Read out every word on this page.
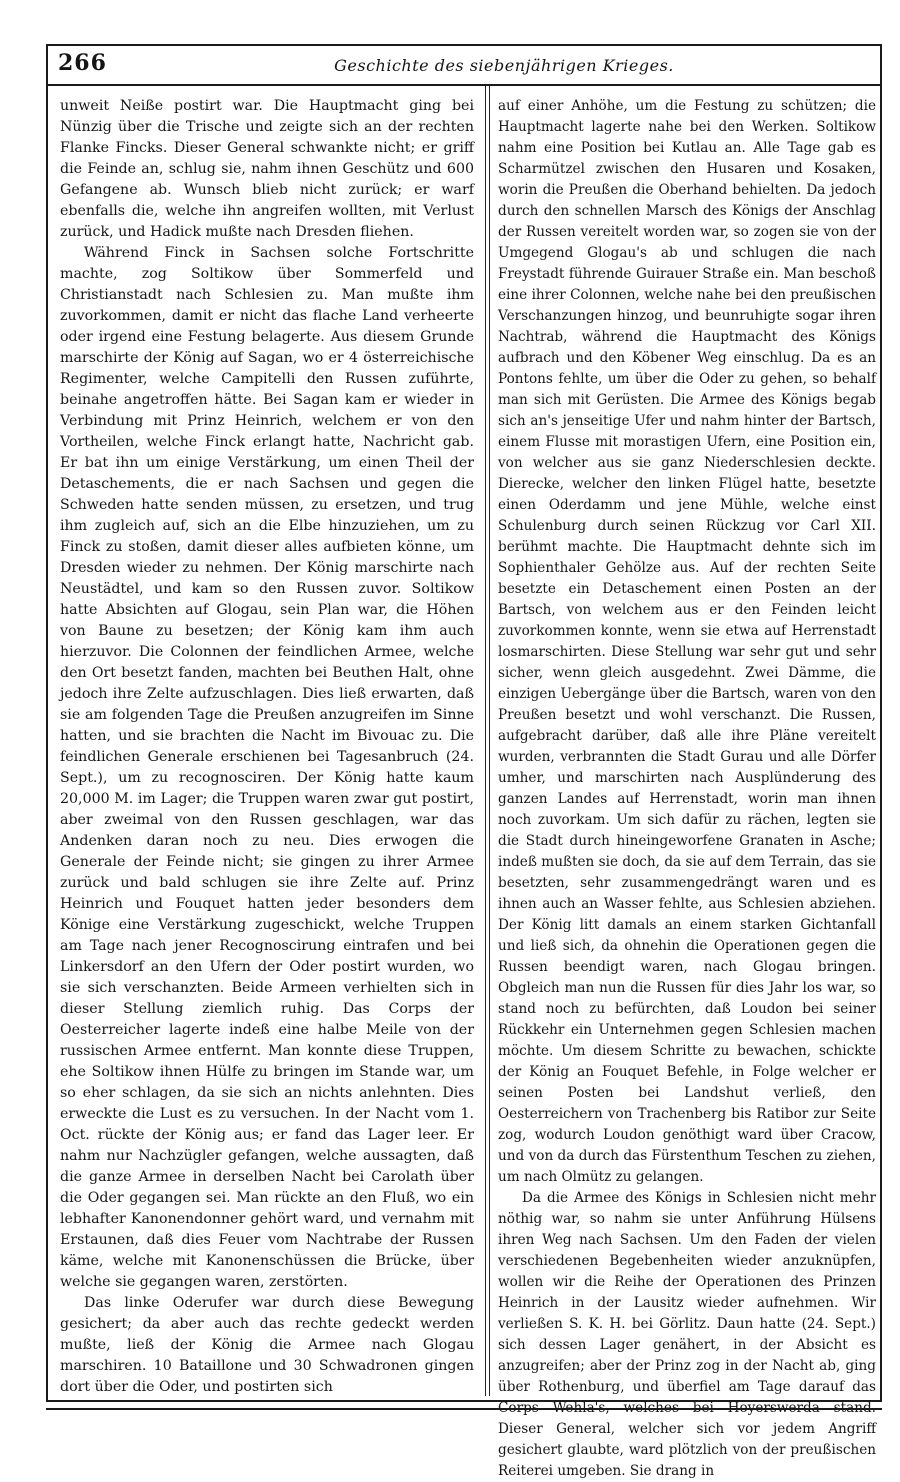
266	Geschichte des siebenjährigen Krieges.

unweit Neiße postirt war. Die Hauptmacht ging bei Nünzig über die Trische und zeigte sich an der rechten Flanke Fincks. Dieser General schwankte nicht; er griff die Feinde an, schlug sie, nahm ihnen Geschütz und 600 Gefangene ab. Wunsch blieb nicht zurück; er warf ebenfalls die, welche ihn angreifen wollten, mit Verlust zurück, und Hadick mußte nach Dresden fliehen.

Während Finck in Sachsen solche Fortschritte machte, zog Soltikow über Sommerfeld und Christianstadt nach Schlesien zu. Man mußte ihm zuvorkommen, damit er nicht das flache Land verheerte oder irgend eine Festung belagerte. Aus diesem Grunde marschirte der König auf Sagan, wo er 4 österreichische Regimenter, welche Campitelli den Russen zuführte, beinahe angetroffen hätte. Bei Sagan kam er wieder in Verbindung mit Prinz Heinrich, welchem er von den Vortheilen, welche Finck erlangt hatte, Nachricht gab. Er bat ihn um einige Verstärkung, um einen Theil der Detaschements, die er nach Sachsen und gegen die Schweden hatte senden müssen, zu ersetzen, und trug ihm zugleich auf, sich an die Elbe hinzuziehen, um zu Finck zu stoßen, damit dieser alles aufbieten könne, um Dresden wieder zu nehmen. Der König marschirte nach Neustädtel, und kam so den Russen zuvor. Soltikow hatte Absichten auf Glogau, sein Plan war, die Höhen von Baune zu besetzen; der König kam ihm auch hierzuvor. Die Colonnen der feindlichen Armee, welche den Ort besetzt fanden, machten bei Beuthen Halt, ohne jedoch ihre Zelte aufzuschlagen. Dies ließ erwarten, daß sie am folgenden Tage die Preußen anzugreifen im Sinne hatten, und sie brachten die Nacht im Bivouac zu. Die feindlichen Generale erschienen bei Tagesanbruch (24. Sept.), um zu recognosciren. Der König hatte kaum 20,000 M. im Lager; die Truppen waren zwar gut postirt, aber zweimal von den Russen geschlagen, war das Andenken daran noch zu neu. Dies erwogen die Generale der Feinde nicht; sie gingen zu ihrer Armee zurück und bald schlugen sie ihre Zelte auf. Prinz Heinrich und Fouquet hatten jeder besonders dem Könige eine Verstärkung zugeschickt, welche Truppen am Tage nach jener Recognoscirung eintrafen und bei Linkersdorf an den Ufern der Oder postirt wurden, wo sie sich verschanzten. Beide Armeen verhielten sich in dieser Stellung ziemlich ruhig. Das Corps der Oesterreicher lagerte indeß eine halbe Meile von der russischen Armee entfernt. Man konnte diese Truppen, ehe Soltikow ihnen Hülfe zu bringen im Stande war, um so eher schlagen, da sie sich an nichts anlehnten. Dies erweckte die Lust es zu versuchen. In der Nacht vom 1. Oct. rückte der König aus; er fand das Lager leer. Er nahm nur Nachzügler gefangen, welche aussagten, daß die ganze Armee in derselben Nacht bei Carolath über die Oder gegangen sei. Man rückte an den Fluß, wo ein lebhafter Kanonendonner gehört ward, und vernahm mit Erstaunen, daß dies Feuer vom Nachtrabe der Russen käme, welche mit Kanonenschüssen die Brücke, über welche sie gegangen waren, zerstörten.

Das linke Oderufer war durch diese Bewegung gesichert; da aber auch das rechte gedeckt werden mußte, ließ der König die Armee nach Glogau marschiren. 10 Bataillone und 30 Schwadronen gingen dort über die Oder, und postirten sich

auf einer Anhöhe, um die Festung zu schützen; die Hauptmacht lagerte nahe bei den Werken. Soltikow nahm eine Position bei Kutlau an. Alle Tage gab es Scharmützel zwischen den Husaren und Kosaken, worin die Preußen die Oberhand behielten. Da jedoch durch den schnellen Marsch des Königs der Anschlag der Russen vereitelt worden war, so zogen sie von der Umgegend Glogau's ab und schlugen die nach Freystadt führende Guirauer Straße ein. Man beschoß eine ihrer Colonnen, welche nahe bei den preußischen Verschanzungen hinzog, und beunruhigte sogar ihren Nachtrab, während die Hauptmacht des Königs aufbrach und den Köbener Weg einschlug. Da es an Pontons fehlte, um über die Oder zu gehen, so behalf man sich mit Gerüsten. Die Armee des Königs begab sich an's jenseitige Ufer und nahm hinter der Bartsch, einem Flusse mit morastigen Ufern, eine Position ein, von welcher aus sie ganz Niederschlesien deckte. Dierecke, welcher den linken Flügel hatte, besetzte einen Oderdamm und jene Mühle, welche einst Schulenburg durch seinen Rückzug vor Carl XII. berühmt machte. Die Hauptmacht dehnte sich im Sophienthaler Gehölze aus. Auf der rechten Seite besetzte ein Detaschement einen Posten an der Bartsch, von welchem aus er den Feinden leicht zuvorkommen konnte, wenn sie etwa auf Herrenstadt losmarschirten. Diese Stellung war sehr gut und sehr sicher, wenn gleich ausgedehnt. Zwei Dämme, die einzigen Uebergänge über die Bartsch, waren von den Preußen besetzt und wohl verschanzt. Die Russen, aufgebracht darüber, daß alle ihre Pläne vereitelt wurden, verbrannten die Stadt Gurau und alle Dörfer umher, und marschirten nach Ausplünderung des ganzen Landes auf Herrenstadt, worin man ihnen noch zuvorkam. Um sich dafür zu rächen, legten sie die Stadt durch hineingeworfene Granaten in Asche; indeß mußten sie doch, da sie auf dem Terrain, das sie besetzten, sehr zusammengedrängt waren und es ihnen auch an Wasser fehlte, aus Schlesien abziehen. Der König litt damals an einem starken Gichtanfall und ließ sich, da ohnehin die Operationen gegen die Russen beendigt waren, nach Glogau bringen. Obgleich man nun die Russen für dies Jahr los war, so stand noch zu befürchten, daß Loudon bei seiner Rückkehr ein Unternehmen gegen Schlesien machen möchte. Um diesem Schritte zu bewachen, schickte der König an Fouquet Befehle, in Folge welcher er seinen Posten bei Landshut verließ, den Oesterreichern von Trachenberg bis Ratibor zur Seite zog, wodurch Loudon genöthigt ward über Cracow, und von da durch das Fürstenthum Teschen zu ziehen, um nach Olmütz zu gelangen.

Da die Armee des Königs in Schlesien nicht mehr nöthig war, so nahm sie unter Anführung Hülsens ihren Weg nach Sachsen. Um den Faden der vielen verschiedenen Begebenheiten wieder anzuknüpfen, wollen wir die Reihe der Operationen des Prinzen Heinrich in der Lausitz wieder aufnehmen. Wir verließen S. K. H. bei Görlitz. Daun hatte (24. Sept.) sich dessen Lager genähert, in der Absicht es anzugreifen; aber der Prinz zog in der Nacht ab, ging über Rothenburg, und überfiel am Tage darauf das Corps Wehla's, welches bei Hoyerswerda stand. Dieser General, welcher sich vor jedem Angriff gesichert glaubte, ward plötzlich von der preußischen Reiterei umgeben. Sie drang in
